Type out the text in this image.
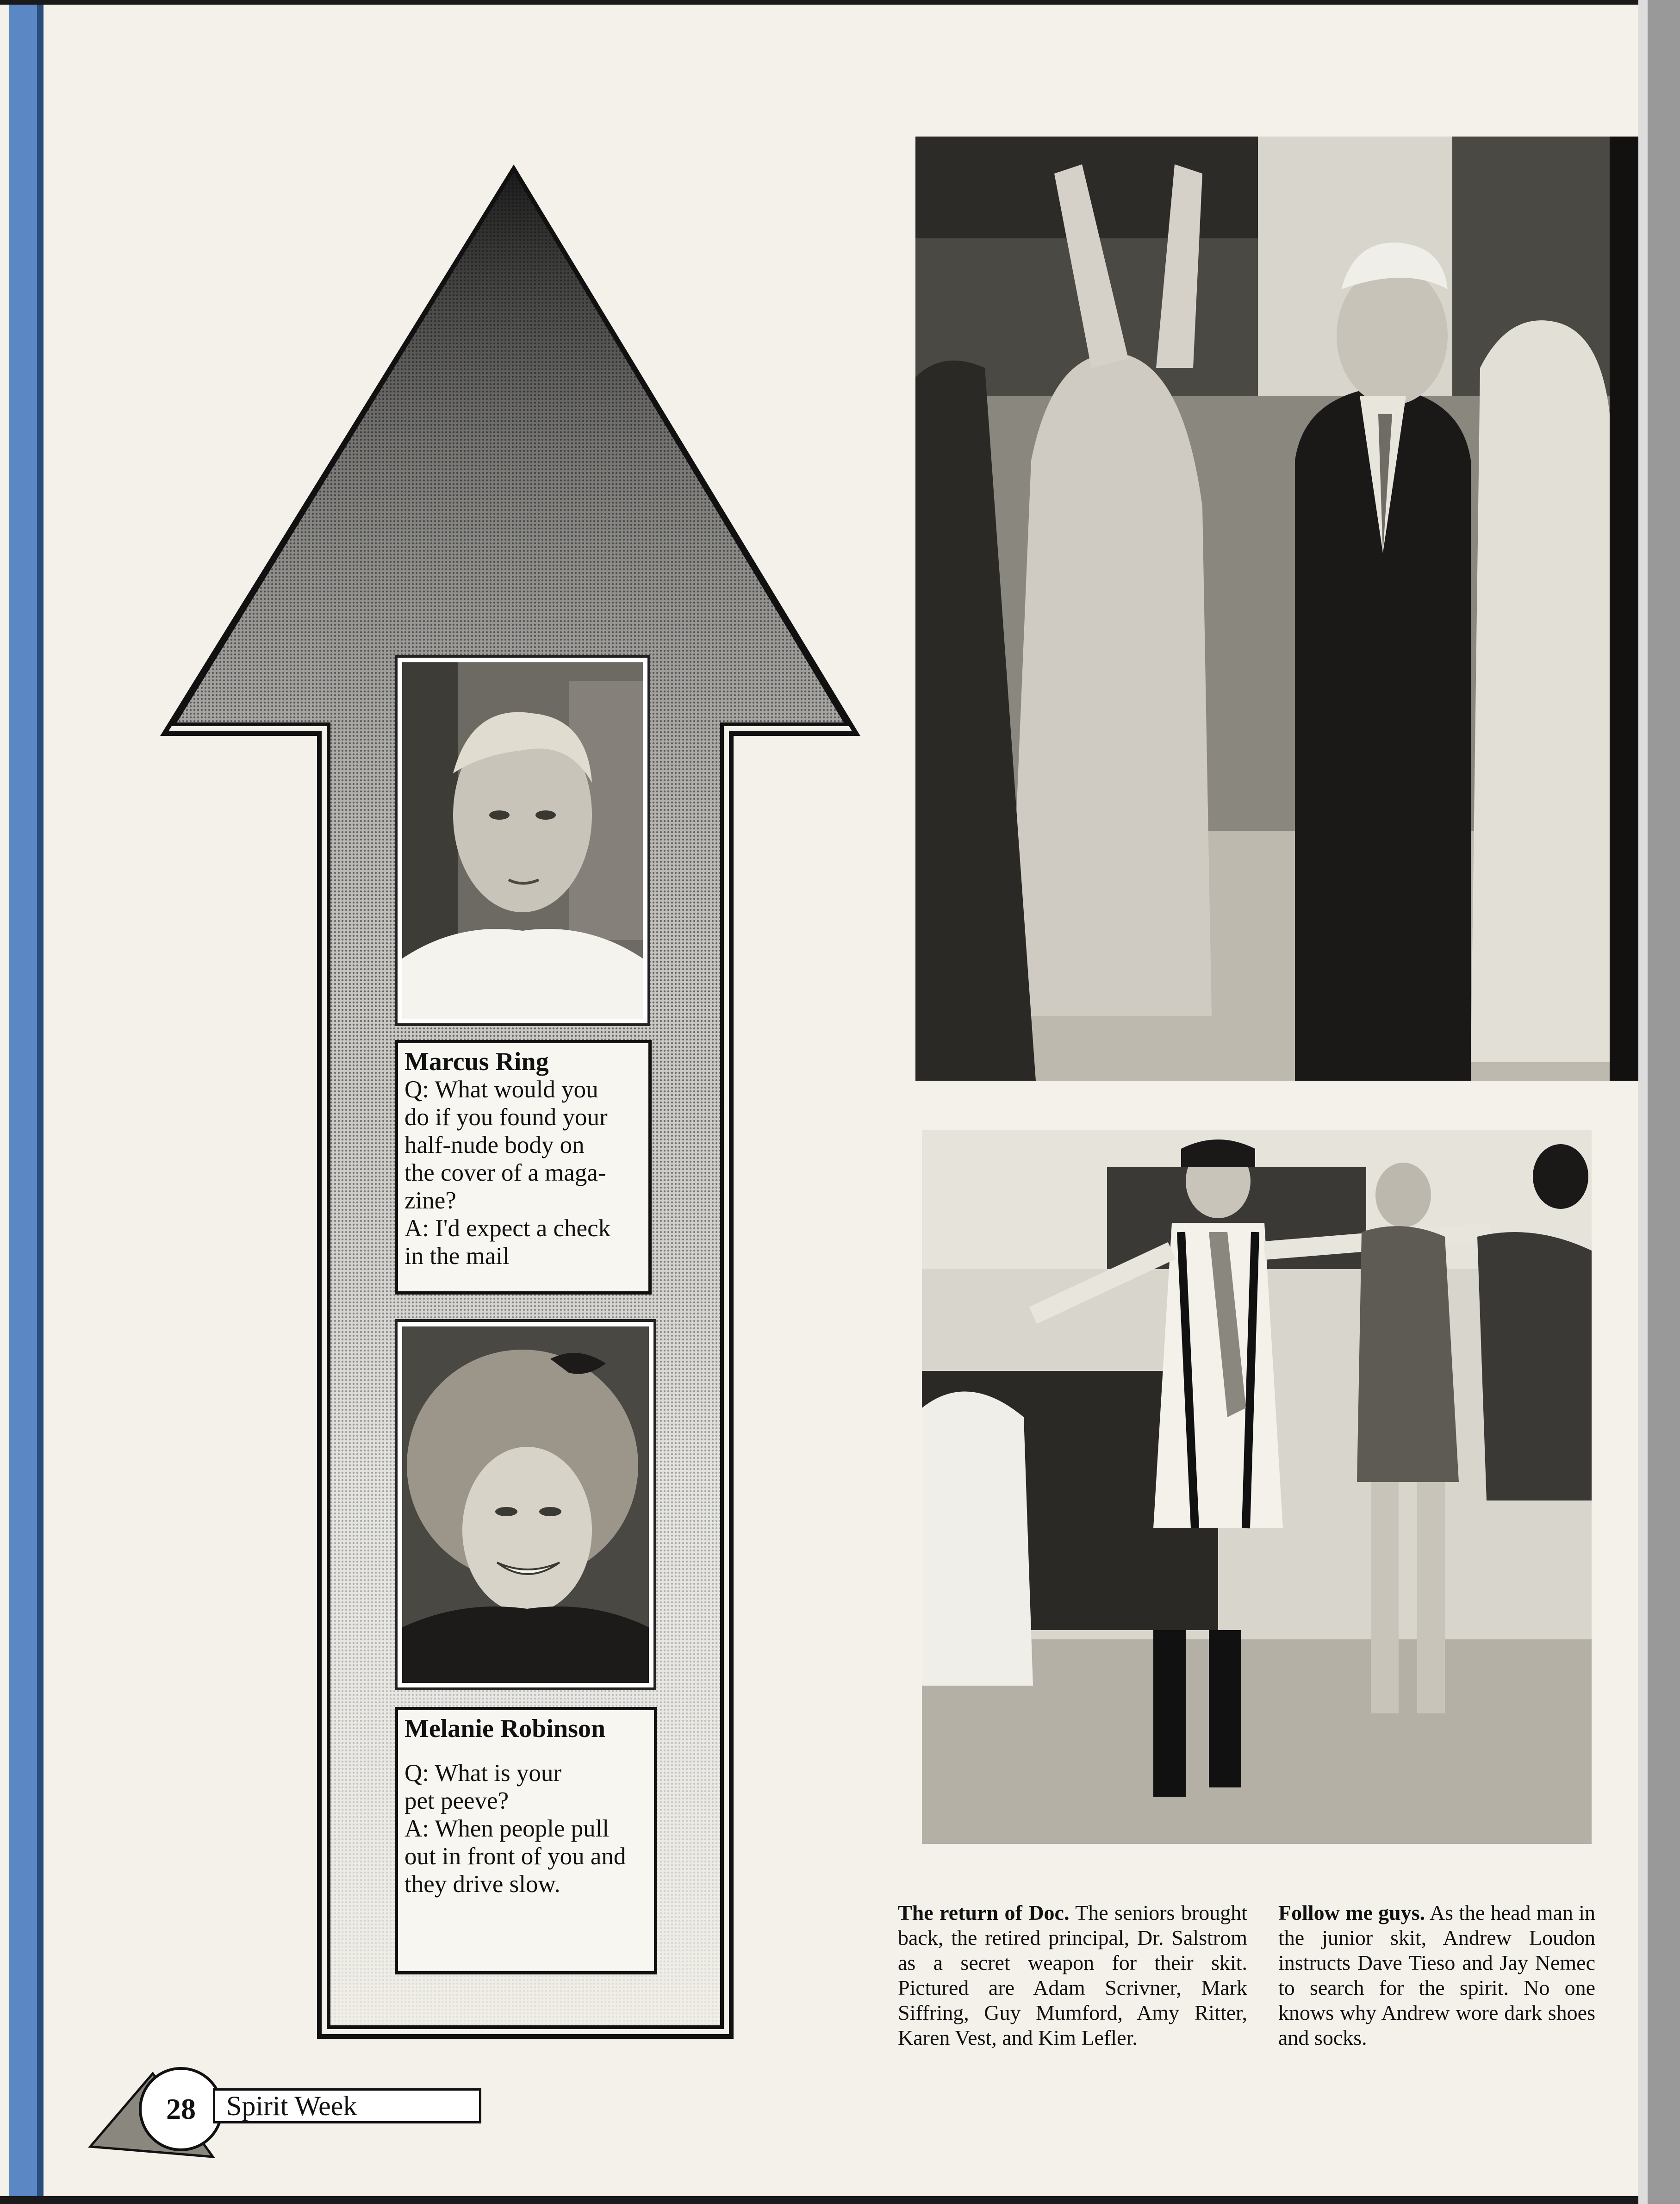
Marcus Ring
Q: What would you
do if you found your
half-nude body on
the cover of a maga-
zine?
A: I'd expect a check
in the mail
Melanie Robinson
Q: What is your
pet peeve?
A: When people pull
out in front of you and
they drive slow.
The return of Doc. The seniors brought back, the retired principal, Dr. Salstrom as a secret weapon for their skit. Pictured are Adam Scrivner, Mark Siffring, Guy Mumford, Amy Ritter, Karen Vest, and Kim Lefler.
Follow me guys. As the head man in the junior skit, Andrew Loudon instructs Dave Tieso and Jay Nemec to search for the spirit. No one knows why Andrew wore dark shoes and socks.
28	Spirit Week
